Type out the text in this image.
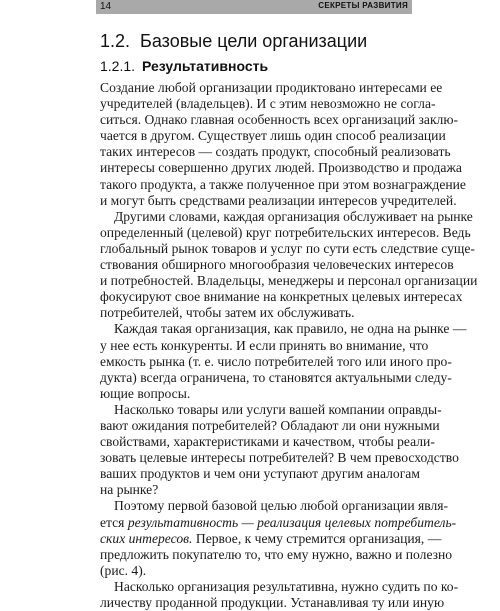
14	СЕКРЕТЫ РАЗВИТИЯ
1.2. Базовые цели организации
1.2.1. Результативность
Создание любой организации продиктовано интересами ее
учредителей (владельцев). И с этим невозможно не согла-
ситься. Однако главная особенность всех организаций заклю-
чается в другом. Существует лишь один способ реализации
таких интересов — создать продукт, способный реализовать
интересы совершенно других людей. Производство и продажа
такого продукта, а также полученное при этом вознаграждение
и могут быть средствами реализации интересов учредителей.
Другими словами, каждая организация обслуживает на рынке
определенный (целевой) круг потребительских интересов. Ведь
глобальный рынок товаров и услуг по сути есть следствие суще-
ствования обширного многообразия человеческих интересов
и потребностей. Владельцы, менеджеры и персонал организации
фокусируют свое внимание на конкретных целевых интересах
потребителей, чтобы затем их обслуживать.
Каждая такая организация, как правило, не одна на рынке —
у нее есть конкуренты. И если принять во внимание, что
емкость рынка (т. е. число потребителей того или иного про-
дукта) всегда ограничена, то становятся актуальными следу-
ющие вопросы.
Насколько товары или услуги вашей компании оправды-
вают ожидания потребителей? Обладают ли они нужными
свойствами, характеристиками и качеством, чтобы реали-
зовать целевые интересы потребителей? В чем превосходство
ваших продуктов и чем они уступают другим аналогам
на рынке?
Поэтому первой базовой целью любой организации явля-
ется результативность — реализация целевых потребитель-
ских интересов. Первое, к чему стремится организация, —
предложить покупателю то, что ему нужно, важно и полезно
(рис. 4).
Насколько организация результативна, нужно судить по ко-
личеству проданной продукции. Устанавливая ту или иную
